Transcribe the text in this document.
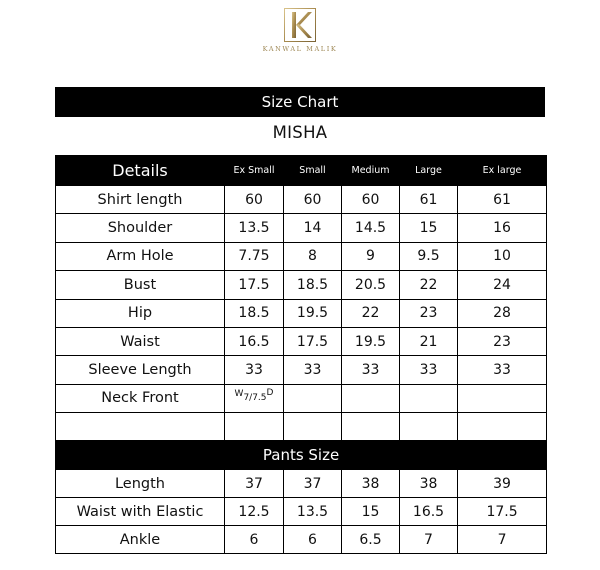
KANWAL MALIK
Size Chart
MISHA
Details	Ex Small	Small	Medium	Large	Ex large
Shirt length	60	60	60	61	61
Shoulder	13.5	14	14.5	15	16
Arm Hole	7.75	8	9	9.5	10
Bust	17.5	18.5	20.5	22	24
Hip	18.5	19.5	22	23	28
Waist	16.5	17.5	19.5	21	23
Sleeve Length	33	33	33	33	33
Neck Front	W7/7.5D				

Pants Size					
Length	37	37	38	38	39
Waist with Elastic	12.5	13.5	15	16.5	17.5
Ankle	6	6	6.5	7	7
